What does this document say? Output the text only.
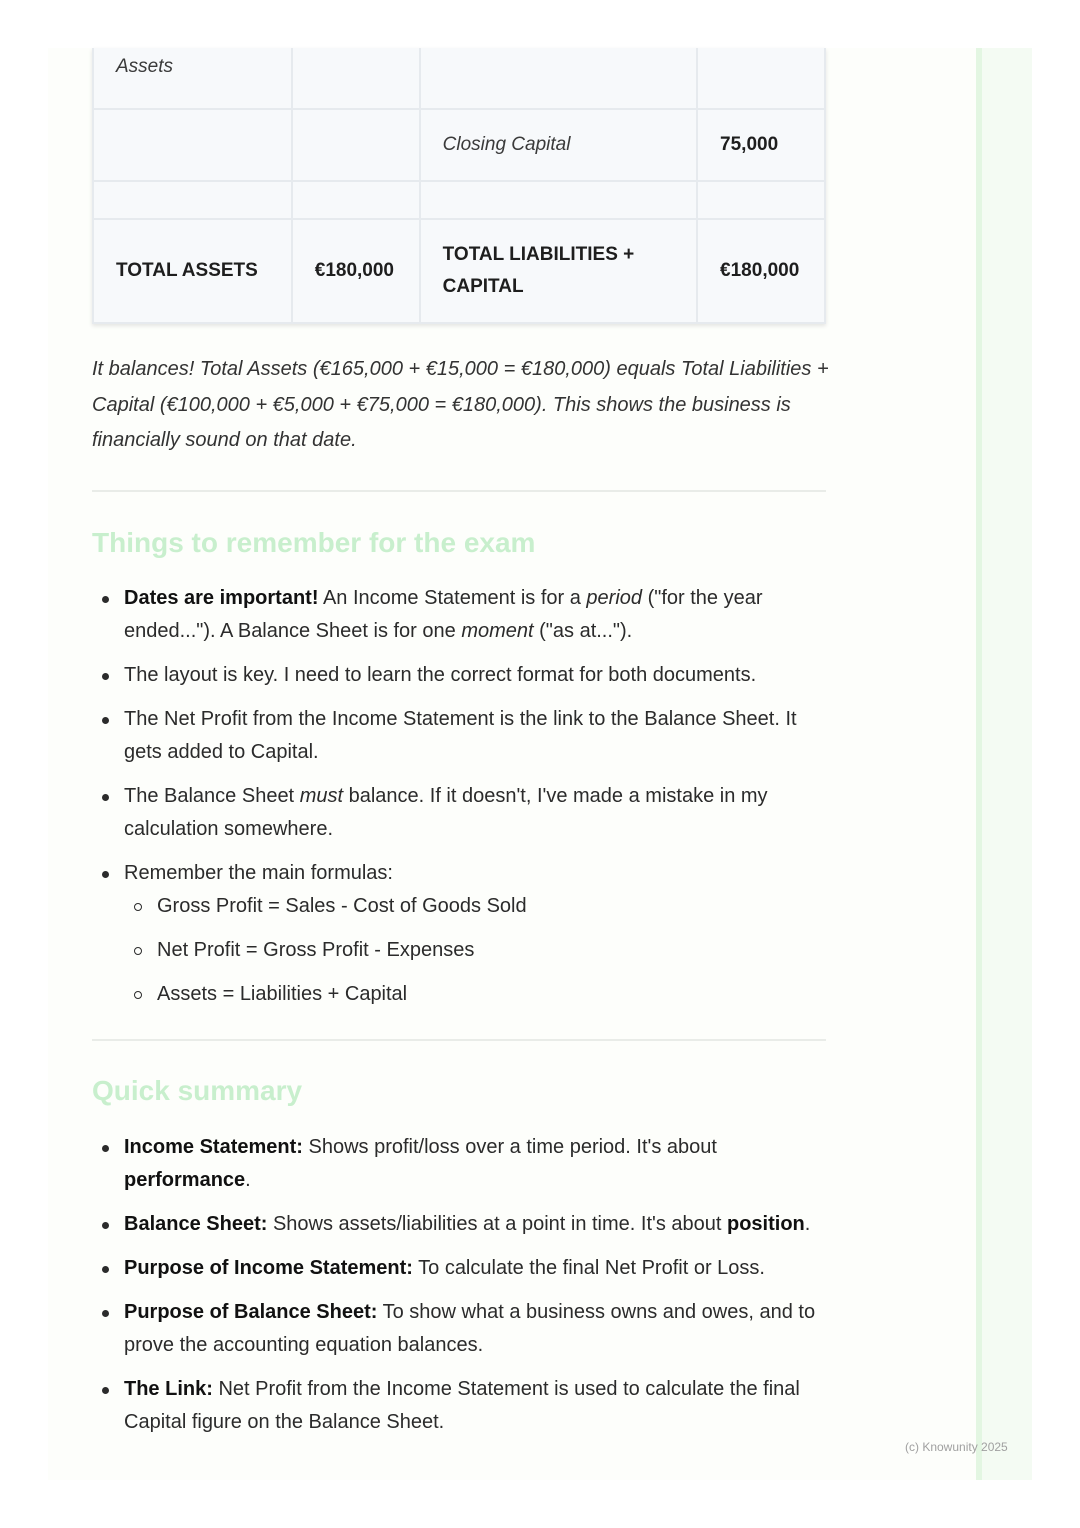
Assets			
		Closing Capital	75,000

TOTAL ASSETS	€180,000	TOTAL LIABILITIES + CAPITAL	€180,000
It balances! Total Assets (€165,000 + €15,000 = €180,000) equals Total Liabilities + Capital (€100,000 + €5,000 + €75,000 = €180,000). This shows the business is financially sound on that date.
Things to remember for the exam
Dates are important! An Income Statement is for a period ("for the year ended..."). A Balance Sheet is for one moment ("as at...").
The layout is key. I need to learn the correct format for both documents.
The Net Profit from the Income Statement is the link to the Balance Sheet. It gets added to Capital.
The Balance Sheet must balance. If it doesn't, I've made a mistake in my calculation somewhere.
Remember the main formulas:
Gross Profit = Sales - Cost of Goods Sold
Net Profit = Gross Profit - Expenses
Assets = Liabilities + Capital
Quick summary
Income Statement: Shows profit/loss over a time period. It's about performance.
Balance Sheet: Shows assets/liabilities at a point in time. It's about position.
Purpose of Income Statement: To calculate the final Net Profit or Loss.
Purpose of Balance Sheet: To show what a business owns and owes, and to prove the accounting equation balances.
The Link: Net Profit from the Income Statement is used to calculate the final Capital figure on the Balance Sheet.
(c) Knowunity 2025
